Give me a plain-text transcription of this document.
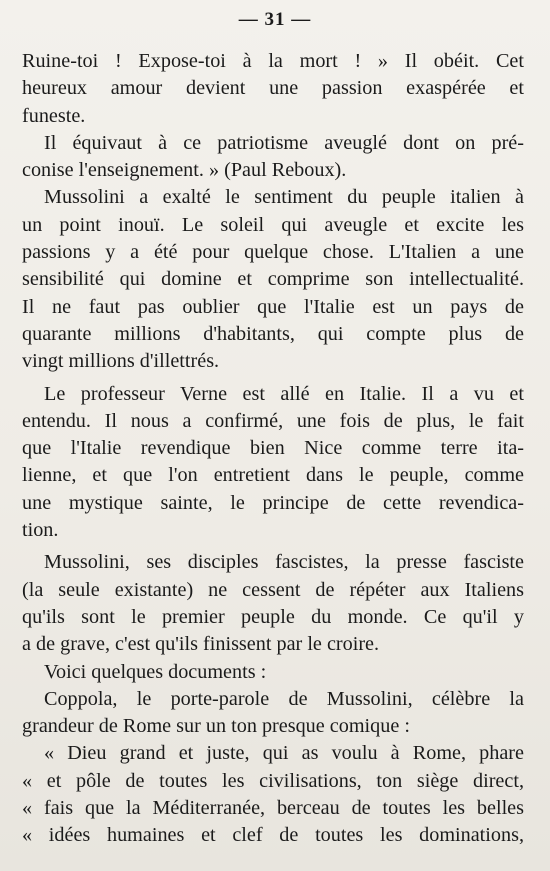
— 31 —
Ruine-toi ! Expose-toi à la mort ! » Il obéit. Cet
heureux amour devient une passion exaspérée et
funeste.
Il équivaut à ce patriotisme aveuglé dont on pré-
conise l'enseignement. » (Paul Reboux).
Mussolini a exalté le sentiment du peuple italien à
un point inouï. Le soleil qui aveugle et excite les
passions y a été pour quelque chose. L'Italien a une
sensibilité qui domine et comprime son intellectualité.
Il ne faut pas oublier que l'Italie est un pays de
quarante millions d'habitants, qui compte plus de
vingt millions d'illettrés.
Le professeur Verne est allé en Italie. Il a vu et
entendu. Il nous a confirmé, une fois de plus, le fait
que l'Italie revendique bien Nice comme terre ita-
lienne, et que l'on entretient dans le peuple, comme
une mystique sainte, le principe de cette revendica-
tion.
Mussolini, ses disciples fascistes, la presse fasciste
(la seule existante) ne cessent de répéter aux Italiens
qu'ils sont le premier peuple du monde. Ce qu'il y
a de grave, c'est qu'ils finissent par le croire.
Voici quelques documents :
Coppola, le porte-parole de Mussolini, célèbre la
grandeur de Rome sur un ton presque comique :
« Dieu grand et juste, qui as voulu à Rome, phare
« et pôle de toutes les civilisations, ton siège direct,
« fais que la Méditerranée, berceau de toutes les belles
« idées humaines et clef de toutes les dominations,
